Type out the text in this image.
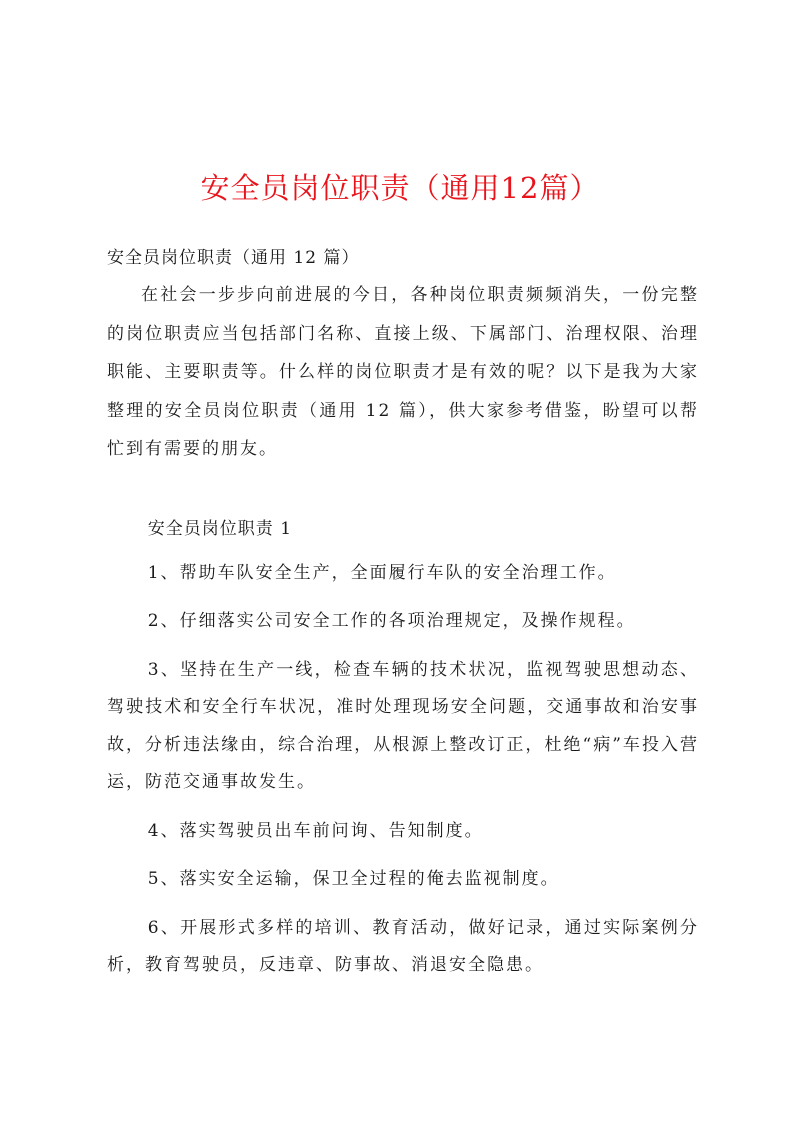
安全员岗位职责（通用12篇）

安全员岗位职责（通用 12 篇）

在社会一步步向前进展的今日，各种岗位职责频频消失，一份完整的岗位职责应当包括部门名称、直接上级、下属部门、治理权限、治理职能、主要职责等。什么样的岗位职责才是有效的呢？以下是我为大家整理的安全员岗位职责（通用 12 篇），供大家参考借鉴，盼望可以帮忙到有需要的朋友。

安全员岗位职责 1

1、帮助车队安全生产，全面履行车队的安全治理工作。

2、仔细落实公司安全工作的各项治理规定，及操作规程。

3、坚持在生产一线，检查车辆的技术状况，监视驾驶思想动态、驾驶技术和安全行车状况，准时处理现场安全问题，交通事故和治安事故，分析违法缘由，综合治理，从根源上整改订正，杜绝“病”车投入营运，防范交通事故发生。

4、落实驾驶员出车前问询、告知制度。

5、落实安全运输，保卫全过程的俺去监视制度。

6、开展形式多样的培训、教育活动，做好记录，通过实际案例分析，教育驾驶员，反违章、防事故、消退安全隐患。
